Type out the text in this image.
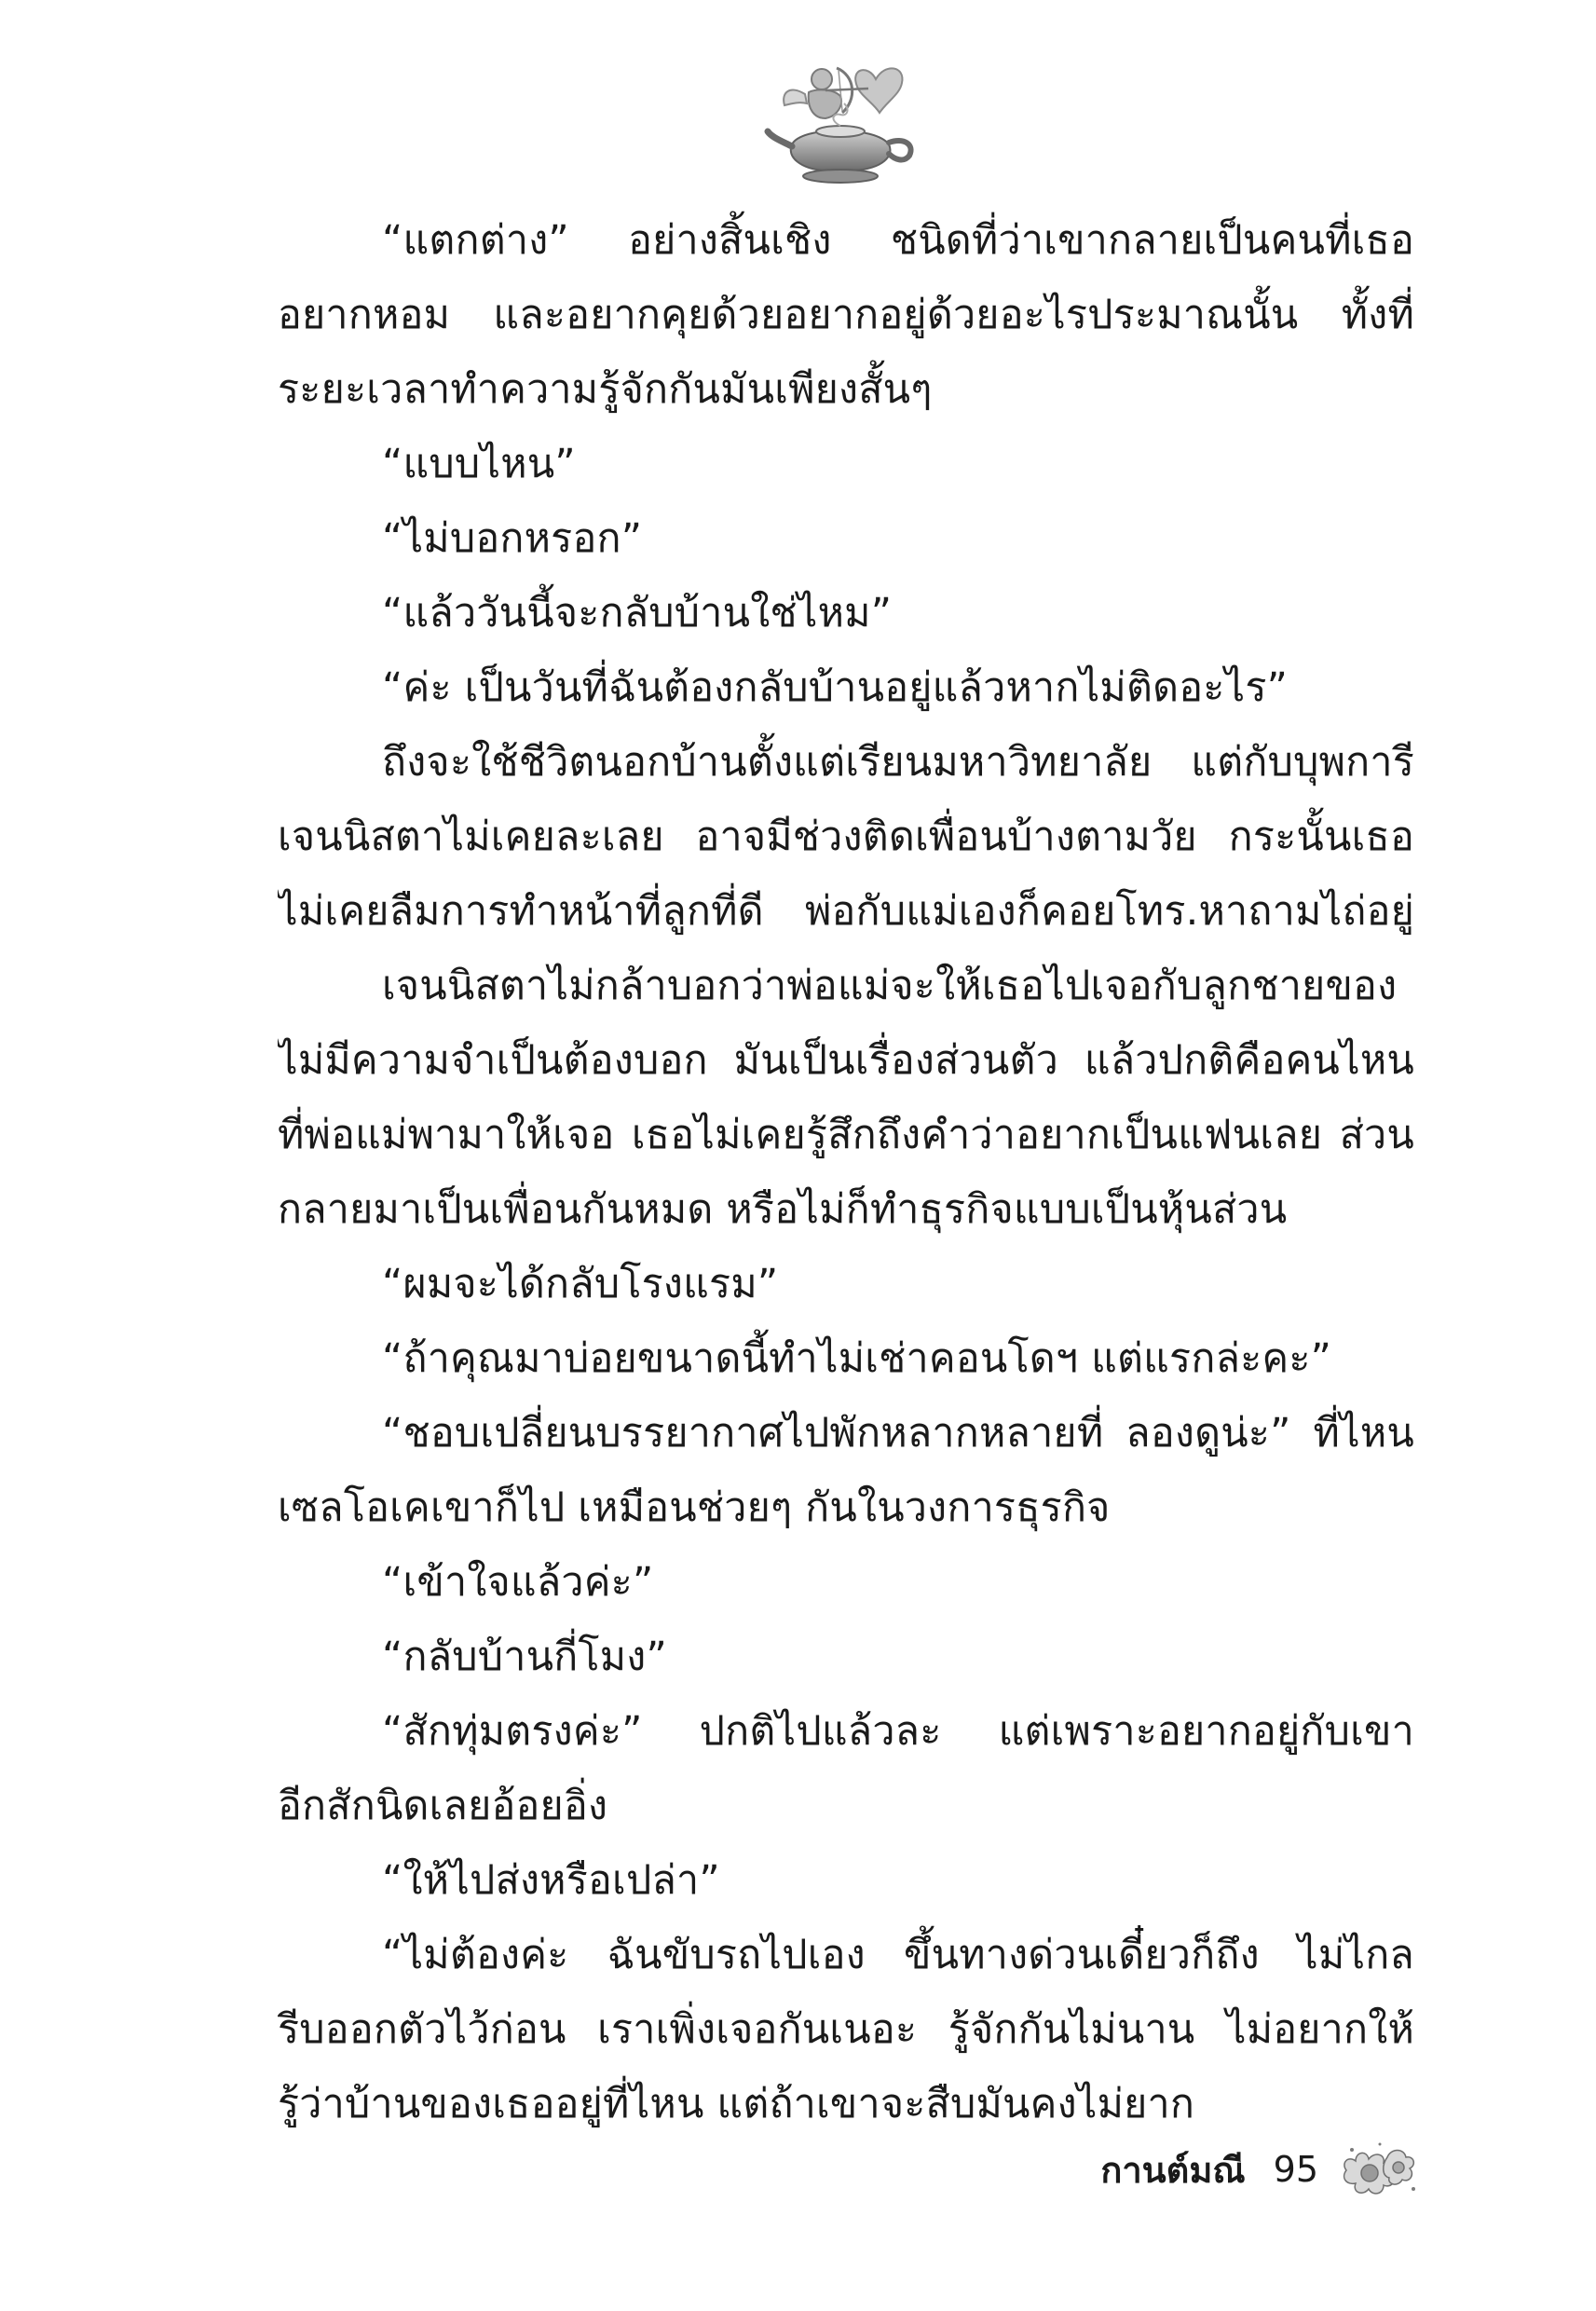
“แตกต่าง” อย่างสิ้นเชิง ชนิดที่ว่าเขากลายเป็นคนที่เธอ
อยากหอม และอยากคุยด้วยอยากอยู่ด้วยอะไรประมาณนั้น ทั้งที่
ระยะเวลาทำความรู้จักกันมันเพียงสั้นๆ
“แบบไหน”
“ไม่บอกหรอก”
“แล้ววันนี้จะกลับบ้านใช่ไหม”
“ค่ะ เป็นวันที่ฉันต้องกลับบ้านอยู่แล้วหากไม่ติดอะไร”
ถึงจะใช้ชีวิตนอกบ้านตั้งแต่เรียนมหาวิทยาลัย แต่กับบุพการี
เจนนิสตาไม่เคยละเลย อาจมีช่วงติดเพื่อนบ้างตามวัย กระนั้นเธอ
ไม่เคยลืมการทำหน้าที่ลูกที่ดี พ่อกับแม่เองก็คอยโทร.หาถามไถ่อยู่
เจนนิสตาไม่กล้าบอกว่าพ่อแม่จะให้เธอไปเจอกับลูกชายของ
ไม่มีความจำเป็นต้องบอก มันเป็นเรื่องส่วนตัว แล้วปกติคือคนไหน
ที่พ่อแม่พามาให้เจอ เธอไม่เคยรู้สึกถึงคำว่าอยากเป็นแฟนเลย ส่วน
กลายมาเป็นเพื่อนกันหมด หรือไม่ก็ทำธุรกิจแบบเป็นหุ้นส่วน
“ผมจะได้กลับโรงแรม”
“ถ้าคุณมาบ่อยขนาดนี้ทำไม่เช่าคอนโดฯ แต่แรกล่ะคะ”
“ชอบเปลี่ยนบรรยากาศไปพักหลากหลายที่ ลองดูน่ะ” ที่ไหน
เซลโอเคเขาก็ไป เหมือนช่วยๆ กันในวงการธุรกิจ
“เข้าใจแล้วค่ะ”
“กลับบ้านกี่โมง”
“สักทุ่มตรงค่ะ” ปกติไปแล้วละ แต่เพราะอยากอยู่กับเขา
อีกสักนิดเลยอ้อยอิ่ง
“ให้ไปส่งหรือเปล่า”
“ไม่ต้องค่ะ ฉันขับรถไปเอง ขึ้นทางด่วนเดี๋ยวก็ถึง ไม่ไกล
รีบออกตัวไว้ก่อน เราเพิ่งเจอกันเนอะ รู้จักกันไม่นาน ไม่อยากให้
รู้ว่าบ้านของเธออยู่ที่ไหน แต่ถ้าเขาจะสืบมันคงไม่ยาก
กานต์มณี 95
